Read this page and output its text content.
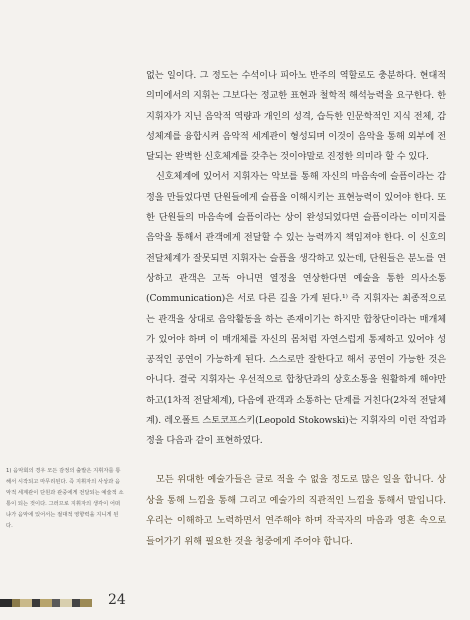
없는 일이다. 그 정도는 수석이나 피아노 반주의 역할로도 충분하다. 현대적 의미에서의 지휘는 그보다는 정교한 표현과 철학적 해석능력을 요구한다. 한 지휘자가 지닌 음악적 역량과 개인의 성격, 습득한 인문학적인 지식 전체, 감성체계를 융합시켜 음악적 세계관이 형성되며 이것이 음악을 통해 외부에 전달되는 완벽한 신호체계를 갖추는 것이야말로 진정한 의미라 할 수 있다.

신호체계에 있어서 지휘자는 악보를 통해 자신의 마음속에 슬픔이라는 감정을 만들었다면 단원들에게 슬픔을 이해시키는 표현능력이 있어야 한다. 또한 단원들의 마음속에 슬픔이라는 상이 완성되었다면 슬픔이라는 이미지를 음악을 통해서 관객에게 전달할 수 있는 능력까지 책임져야 한다. 이 신호의 전달체계가 잘못되면 지휘자는 슬픔을 생각하고 있는데, 단원들은 분노를 연상하고 관객은 고독 아니면 열정을 연상한다면 예술을 통한 의사소통(Communication)은 서로 다른 길을 가게 된다.¹⁾ 즉 지휘자는 최종적으로는 관객을 상대로 음악활동을 하는 존재이기는 하지만 합창단이라는 매개체가 있어야 하며 이 매개체를 자신의 몸처럼 자연스럽게 통제하고 있어야 성공적인 공연이 가능하게 된다. 스스로만 잘한다고 해서 공연이 가능한 것은 아니다. 결국 지휘자는 우선적으로 합창단과의 상호소통을 원활하게 해야만 하고(1차적 전달체계), 다음에 관객과 소통하는 단계를 거친다(2차적 전달체계). 레오폴트 스토코프스키(Leopold Stokowski)는 지휘자의 이런 작업과정을 다음과 같이 표현하였다.

1) 음악회의 경우 모든 감정의 출발은 지휘자를 통해서 시작되고 마무리된다. 즉 지휘자의 사상과 음악적 세계관이 단원과 관중에게 전달되는 예술적 소통이 되는 것이다. 그러므로 지휘자의 생각이 어떠냐가 음악에 있어서는 절대적 영향력을 지니게 된다.

모든 위대한 예술가들은 글로 적을 수 없을 정도로 많은 일을 합니다. 상상을 통해 느낌을 통해 그리고 예술가의 직관적인 느낌을 통해서 말입니다. 우리는 이해하고 노력하면서 연주해야 하며 작곡자의 마음과 영혼 속으로 들어가기 위해 필요한 것을 청중에게 주어야 합니다.

24
